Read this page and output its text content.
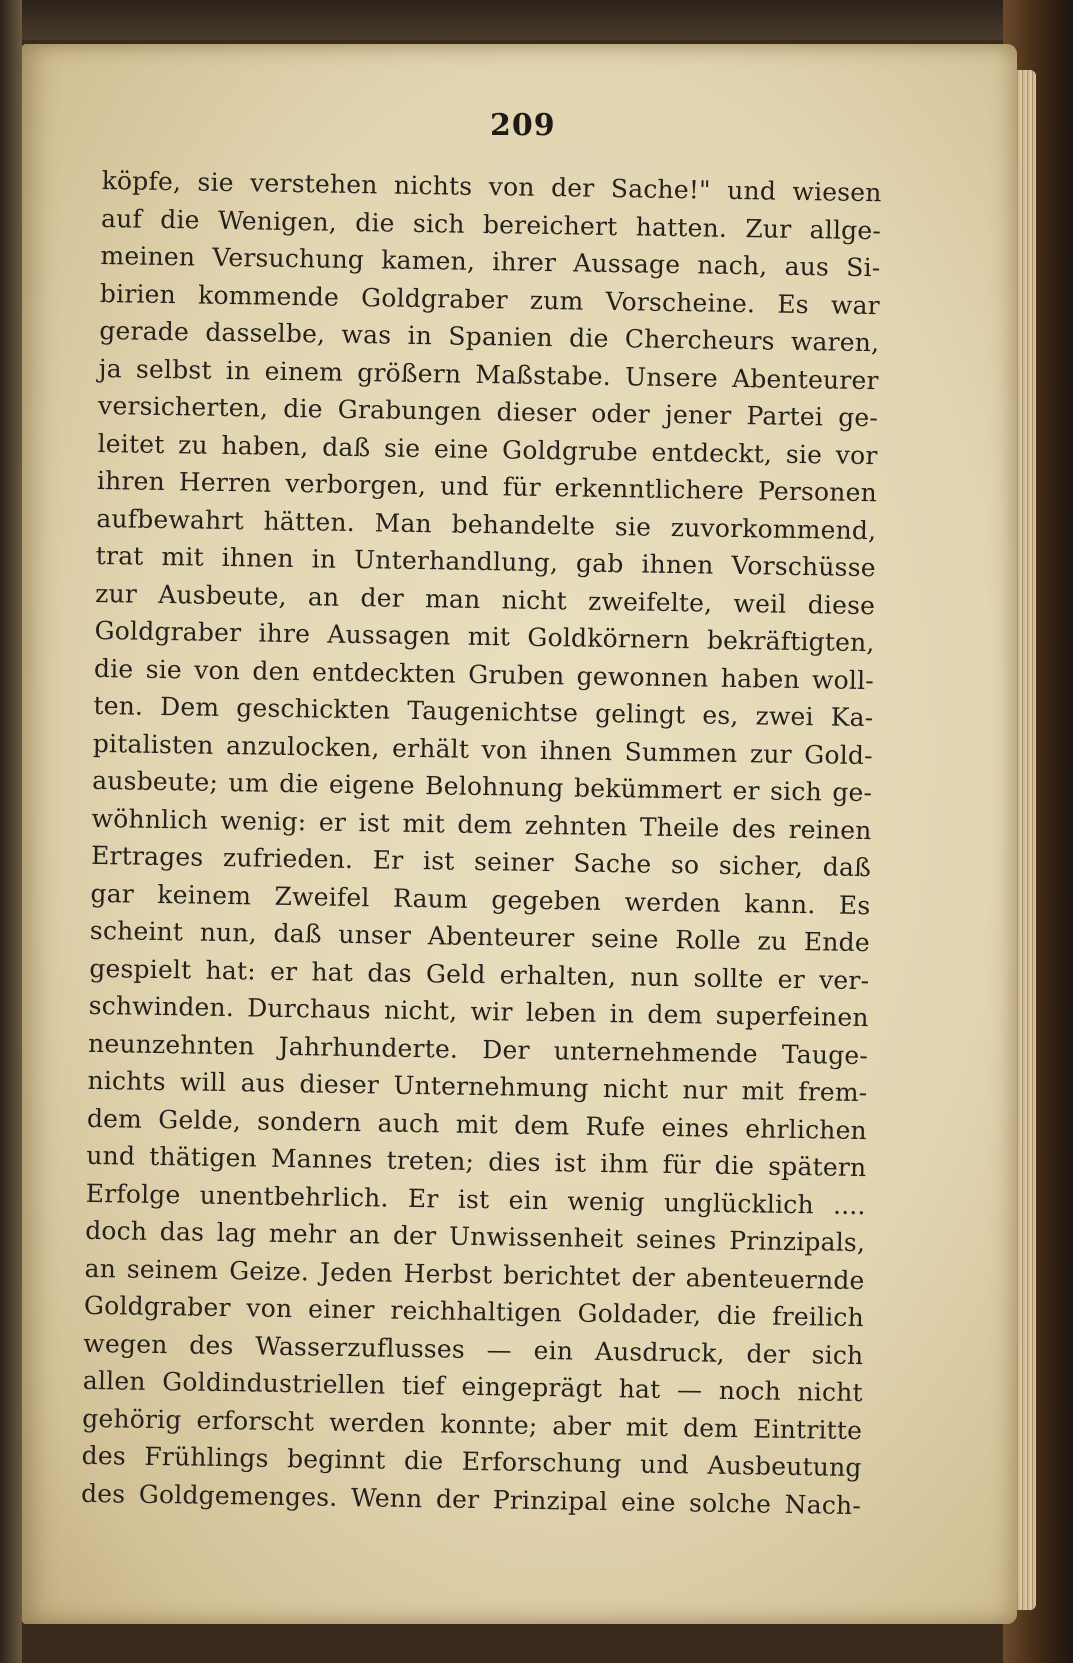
209
köpfe, sie verstehen nichts von der Sache!" und wiesen
auf die Wenigen, die sich bereichert hatten. Zur allge-
meinen Versuchung kamen, ihrer Aussage nach, aus Si-
birien kommende Goldgraber zum Vorscheine. Es war
gerade dasselbe, was in Spanien die Chercheurs waren,
ja selbst in einem größern Maßstabe. Unsere Abenteurer
versicherten, die Grabungen dieser oder jener Partei ge-
leitet zu haben, daß sie eine Goldgrube entdeckt, sie vor
ihren Herren verborgen, und für erkenntlichere Personen
aufbewahrt hätten. Man behandelte sie zuvorkommend,
trat mit ihnen in Unterhandlung, gab ihnen Vorschüsse
zur Ausbeute, an der man nicht zweifelte, weil diese
Goldgraber ihre Aussagen mit Goldkörnern bekräftigten,
die sie von den entdeckten Gruben gewonnen haben woll-
ten. Dem geschickten Taugenichtse gelingt es, zwei Ka-
pitalisten anzulocken, erhält von ihnen Summen zur Gold-
ausbeute; um die eigene Belohnung bekümmert er sich ge-
wöhnlich wenig: er ist mit dem zehnten Theile des reinen
Ertrages zufrieden. Er ist seiner Sache so sicher, daß
gar keinem Zweifel Raum gegeben werden kann. Es
scheint nun, daß unser Abenteurer seine Rolle zu Ende
gespielt hat: er hat das Geld erhalten, nun sollte er ver-
schwinden. Durchaus nicht, wir leben in dem superfeinen
neunzehnten Jahrhunderte. Der unternehmende Tauge-
nichts will aus dieser Unternehmung nicht nur mit frem-
dem Gelde, sondern auch mit dem Rufe eines ehrlichen
und thätigen Mannes treten; dies ist ihm für die spätern
Erfolge unentbehrlich. Er ist ein wenig unglücklich ....
doch das lag mehr an der Unwissenheit seines Prinzipals,
an seinem Geize. Jeden Herbst berichtet der abenteuernde
Goldgraber von einer reichhaltigen Goldader, die freilich
wegen des Wasserzuflusses — ein Ausdruck, der sich
allen Goldindustriellen tief eingeprägt hat — noch nicht
gehörig erforscht werden konnte; aber mit dem Eintritte
des Frühlings beginnt die Erforschung und Ausbeutung
des Goldgemenges. Wenn der Prinzipal eine solche Nach-
